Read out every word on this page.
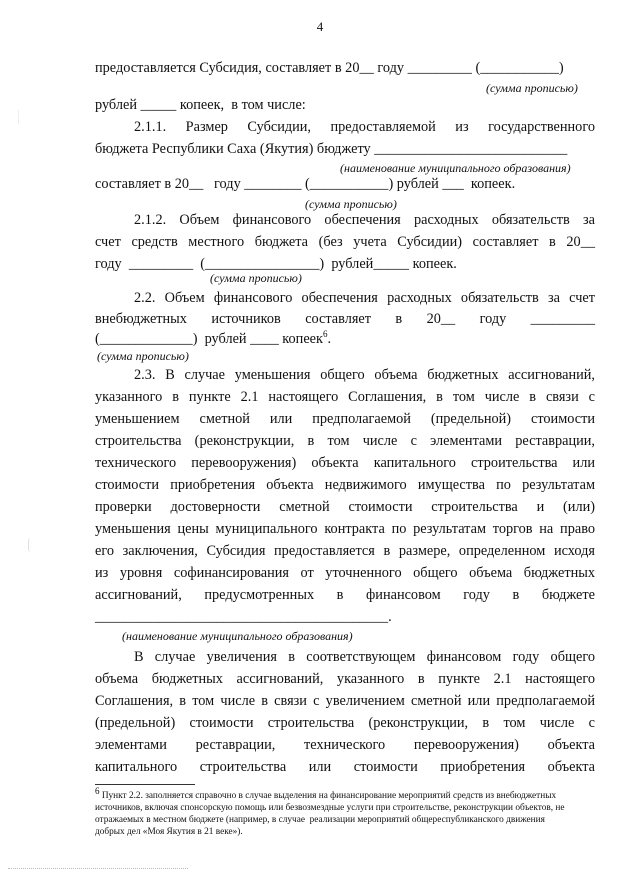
4
предоставляется Субсидия, составляет в 20__ году _________ (___________)
(сумма прописью)
рублей _____ копеек,  в том числе:
2.1.1. Размер Субсидии, предоставляемой из государственного
бюджета Республики Саха (Якутия) бюджету ___________________________
(наименование муниципального образования)
составляет в 20__   году ________ (___________) рублей ___  копеек.
(сумма прописью)
2.1.2. Объем финансового обеспечения расходных обязательств за
счет средств местного бюджета (без учета Субсидии) составляет в 20__
году  _________  (________________)  рублей_____ копеек.
(сумма прописью)
2.2. Объем финансового обеспечения расходных обязательств за счет
внебюджетных источников составляет в 20__ году _________
(_____________)  рублей ____ копеек$^6$.
(сумма прописью)
2.3. В случае уменьшения общего объема бюджетных ассигнований,
указанного в пункте 2.1 настоящего Соглашения, в том числе в связи с
уменьшением сметной или предполагаемой (предельной) стоимости
строительства (реконструкции, в том числе с элементами реставрации,
технического перевооружения) объекта капитального строительства или
стоимости приобретения объекта недвижимого имущества по результатам
проверки достоверности сметной стоимости строительства и (или)
уменьшения цены муниципального контракта по результатам торгов на право
его заключения, Субсидия предоставляется в размере, определенном исходя
из уровня софинансирования от уточненного общего объема бюджетных
ассигнований, предусмотренных в финансовом году в бюджете
_________________________________________.
(наименование муниципального образования)
В случае увеличения в соответствующем финансовом году общего
объема бюджетных ассигнований, указанного в пункте 2.1 настоящего
Соглашения, в том числе в связи с увеличением сметной или предполагаемой
(предельной) стоимости строительства (реконструкции, в том числе с
элементами реставрации, технического перевооружения) объекта
капитального строительства или стоимости приобретения объекта
$^6$ Пункт 2.2. заполняется справочно в случае выделения на финансирование мероприятий средств из внебюджетных
источников, включая спонсорскую помощь или безвозмездные услуги при строительстве, реконструкции объектов, не
отражаемых в местном бюджете (например, в случае  реализации мероприятий общереспубликанского движения
добрых дел «Моя Якутия в 21 веке»).
